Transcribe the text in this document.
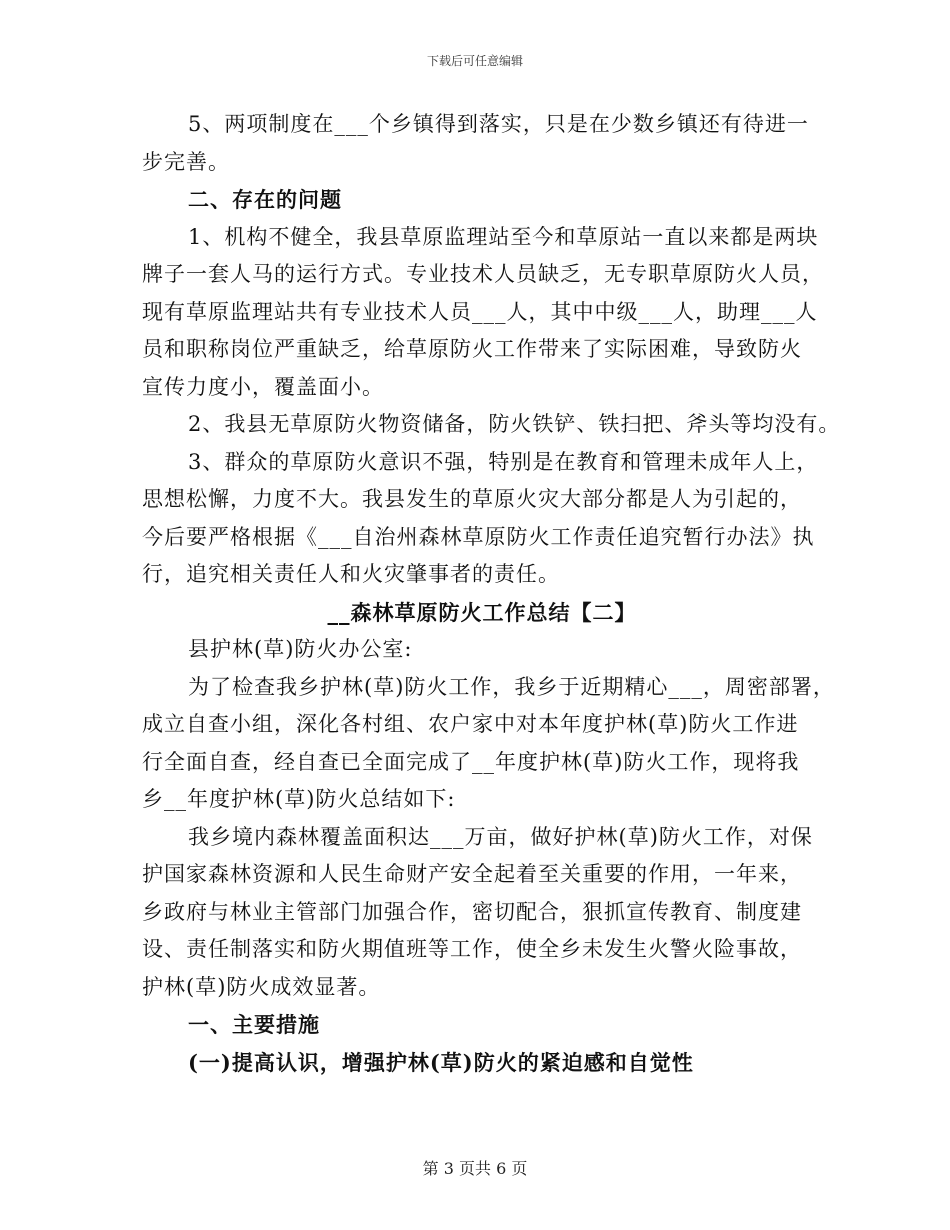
下载后可任意编辑
5、两项制度在___个乡镇得到落实，只是在少数乡镇还有待进一
步完善。
二、存在的问题
1、机构不健全，我县草原监理站至今和草原站一直以来都是两块
牌子一套人马的运行方式。专业技术人员缺乏，无专职草原防火人员，
现有草原监理站共有专业技术人员___人，其中中级___人，助理___人
员和职称岗位严重缺乏，给草原防火工作带来了实际困难，导致防火
宣传力度小，覆盖面小。
2、我县无草原防火物资储备，防火铁铲、铁扫把、斧头等均没有。
3、群众的草原防火意识不强，特别是在教育和管理未成年人上，
思想松懈，力度不大。我县发生的草原火灾大部分都是人为引起的，
今后要严格根据《___自治州森林草原防火工作责任追究暂行办法》执
行，追究相关责任人和火灾肇事者的责任。
__森林草原防火工作总结【二】
县护林(草)防火办公室:
为了检查我乡护林(草)防火工作，我乡于近期精心___，周密部署，
成立自查小组，深化各村组、农户家中对本年度护林(草)防火工作进
行全面自查，经自查已全面完成了__年度护林(草)防火工作，现将我
乡__年度护林(草)防火总结如下:
我乡境内森林覆盖面积达___万亩，做好护林(草)防火工作，对保
护国家森林资源和人民生命财产安全起着至关重要的作用，一年来，
乡政府与林业主管部门加强合作，密切配合，狠抓宣传教育、制度建
设、责任制落实和防火期值班等工作，使全乡未发生火警火险事故，
护林(草)防火成效显著。
一、主要措施
(一)提高认识，增强护林(草)防火的紧迫感和自觉性
第 3 页共 6 页
